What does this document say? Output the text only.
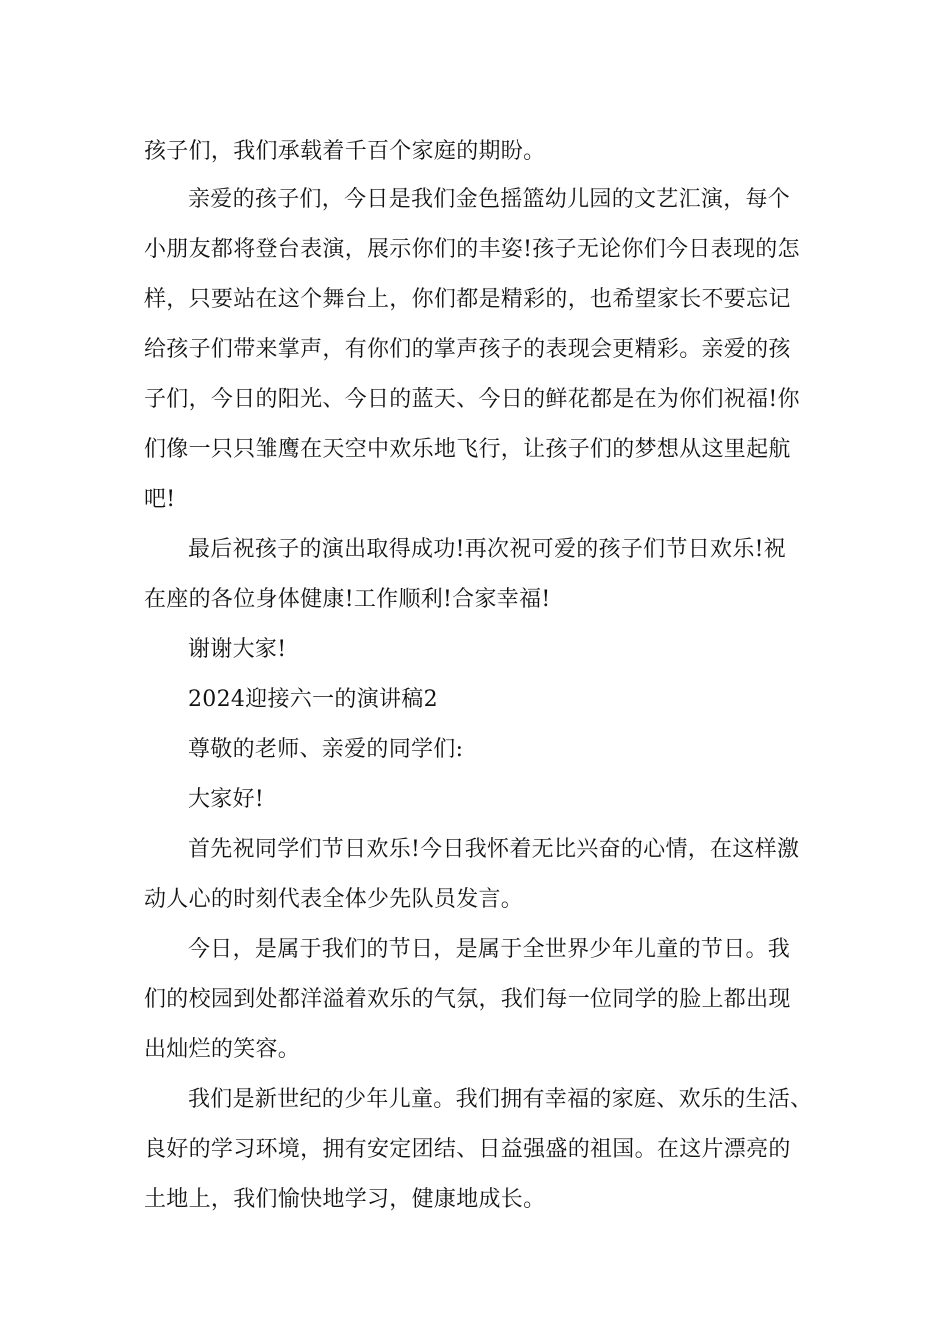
孩子们，我们承载着千百个家庭的期盼。
亲爱的孩子们，今日是我们金色摇篮幼儿园的文艺汇演，每个
小朋友都将登台表演，展示你们的丰姿!孩子无论你们今日表现的怎
样，只要站在这个舞台上，你们都是精彩的，也希望家长不要忘记
给孩子们带来掌声，有你们的掌声孩子的表现会更精彩。亲爱的孩
子们，今日的阳光、今日的蓝天、今日的鲜花都是在为你们祝福!你
们像一只只雏鹰在天空中欢乐地飞行，让孩子们的梦想从这里起航
吧!
最后祝孩子的演出取得成功!再次祝可爱的孩子们节日欢乐!祝
在座的各位身体健康!工作顺利!合家幸福!
谢谢大家!
2024迎接六一的演讲稿2
尊敬的老师、亲爱的同学们:
大家好!
首先祝同学们节日欢乐!今日我怀着无比兴奋的心情，在这样激
动人心的时刻代表全体少先队员发言。
今日，是属于我们的节日，是属于全世界少年儿童的节日。我
们的校园到处都洋溢着欢乐的气氛，我们每一位同学的脸上都出现
出灿烂的笑容。
我们是新世纪的少年儿童。我们拥有幸福的家庭、欢乐的生活、
良好的学习环境，拥有安定团结、日益强盛的祖国。在这片漂亮的
土地上，我们愉快地学习，健康地成长。
